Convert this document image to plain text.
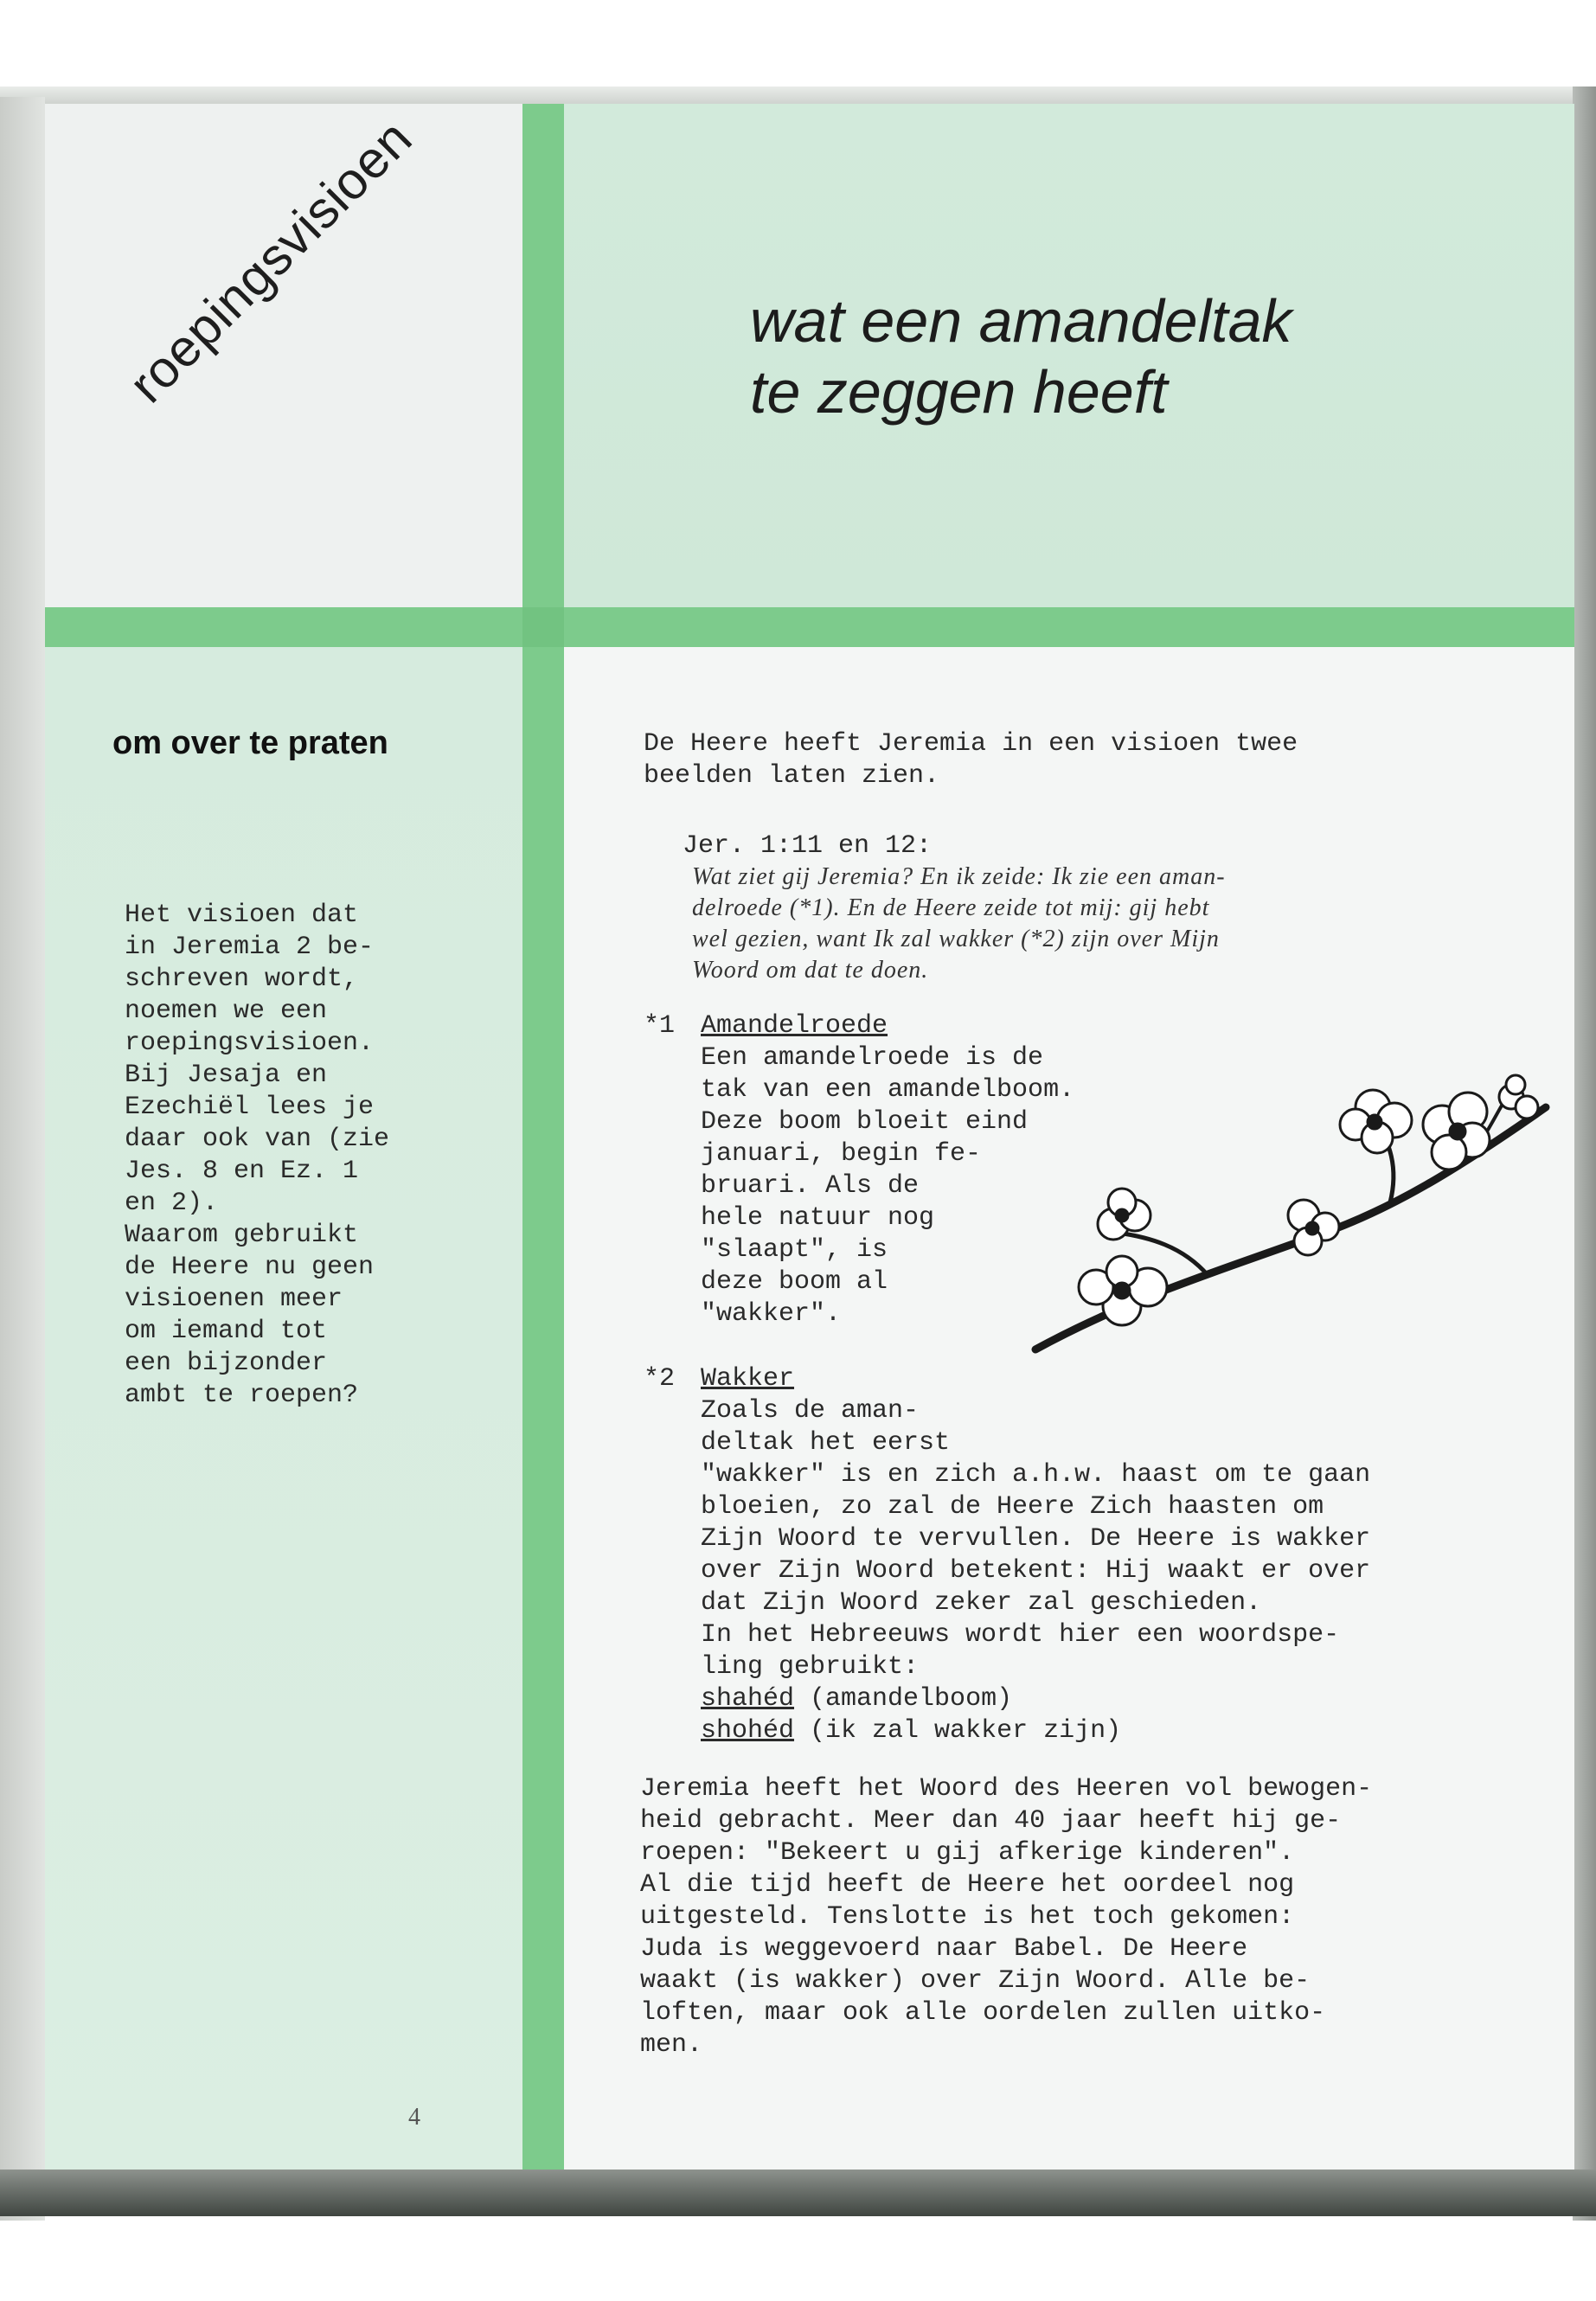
roepingsvisioen	wat een amandeltak
te zeggen heeft
om over te praten
Het visioen dat
in Jeremia 2 be-
schreven wordt,
noemen we een
roepingsvisioen.
Bij Jesaja en
Ezechiël lees je
daar ook van (zie
Jes. 8 en Ez. 1
en 2).
Waarom gebruikt
de Heere nu geen
visioenen meer
om iemand tot
een bijzonder
ambt te roepen?
4
De Heere heeft Jeremia in een visioen twee
beelden laten zien.
Jer. 1:11 en 12:
Wat ziet gij Jeremia? En ik zeide: Ik zie een aman-
delroede (*1). En de Heere zeide tot mij: gij hebt
wel gezien, want Ik zal wakker (*2) zijn over Mijn
Woord om dat te doen.
*1 Amandelroede
Een amandelroede is de
tak van een amandelboom.
Deze boom bloeit eind
januari, begin fe-
bruari. Als de
hele natuur nog
"slaapt", is
deze boom al
"wakker".
*2 Wakker
Zoals de aman-
deltak het eerst
"wakker" is en zich a.h.w. haast om te gaan
bloeien, zo zal de Heere Zich haasten om
Zijn Woord te vervullen. De Heere is wakker
over Zijn Woord betekent: Hij waakt er over
dat Zijn Woord zeker zal geschieden.
In het Hebreeuws wordt hier een woordspe-
ling gebruikt:
shahéd (amandelboom)
shohéd (ik zal wakker zijn)
Jeremia heeft het Woord des Heeren vol bewogen-
heid gebracht. Meer dan 40 jaar heeft hij ge-
roepen: "Bekeert u gij afkerige kinderen".
Al die tijd heeft de Heere het oordeel nog
uitgesteld. Tenslotte is het toch gekomen:
Juda is weggevoerd naar Babel. De Heere
waakt (is wakker) over Zijn Woord. Alle be-
loften, maar ook alle oordelen zullen uitko-
men.
